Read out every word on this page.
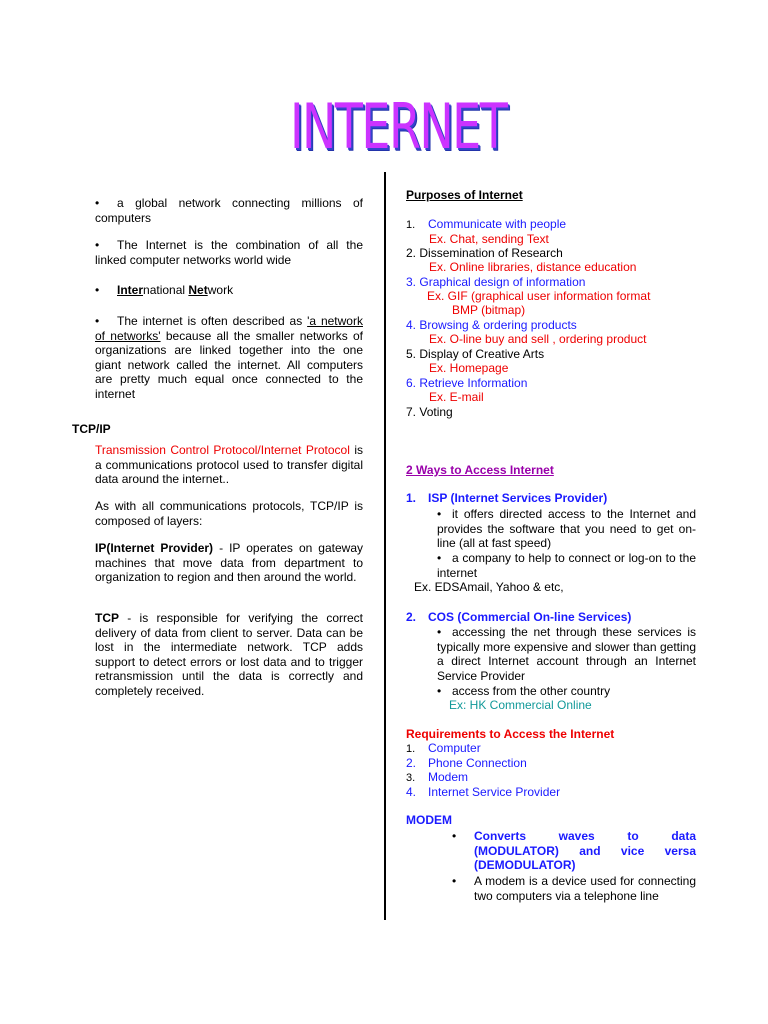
INTERNET
• a global network connecting millions of computers
• The Internet is the combination of all the linked computer networks world wide
• International Network
• The internet is often described as 'a network of networks' because all the smaller networks of organizations are linked together into the one giant network called the internet. All computers are pretty much equal once connected to the internet
TCP/IP
Transmission Control Protocol/Internet Protocol is a communications protocol used to transfer digital data around the internet..
As with all communications protocols, TCP/IP is composed of layers:
IP(Internet Provider) - IP operates on gateway machines that move data from department to organization to region and then around the world.
TCP - is responsible for verifying the correct delivery of data from client to server. Data can be lost in the intermediate network. TCP adds support to detect errors or lost data and to trigger retransmission until the data is correctly and completely received.
Purposes of Internet
1. Communicate with people
Ex. Chat, sending Text
2. Dissemination of Research
Ex. Online libraries, distance education
3. Graphical design of information
Ex. GIF (graphical user information format
BMP (bitmap)
4. Browsing & ordering products
Ex. O-line buy and sell , ordering product
5. Display of Creative Arts
Ex. Homepage
6. Retrieve Information
Ex. E-mail
7. Voting
2 Ways to Access Internet
1. ISP (Internet Services Provider)
• it offers directed access to the Internet and provides the software that you need to get on-line (all at fast speed)
• a company to help to connect or log-on to the internet
Ex. EDSAmail, Yahoo & etc,
2. COS (Commercial On-line Services)
• accessing the net through these services is typically more expensive and slower than getting a direct Internet account through an Internet Service Provider
• access from the other country
Ex: HK Commercial Online
Requirements to Access the Internet
1. Computer
2. Phone Connection
3. Modem
4. Internet Service Provider
MODEM
•	Converts waves to data (MODULATOR) and vice versa (DEMODULATOR)
•	A modem is a device used for connecting two computers via a telephone line
